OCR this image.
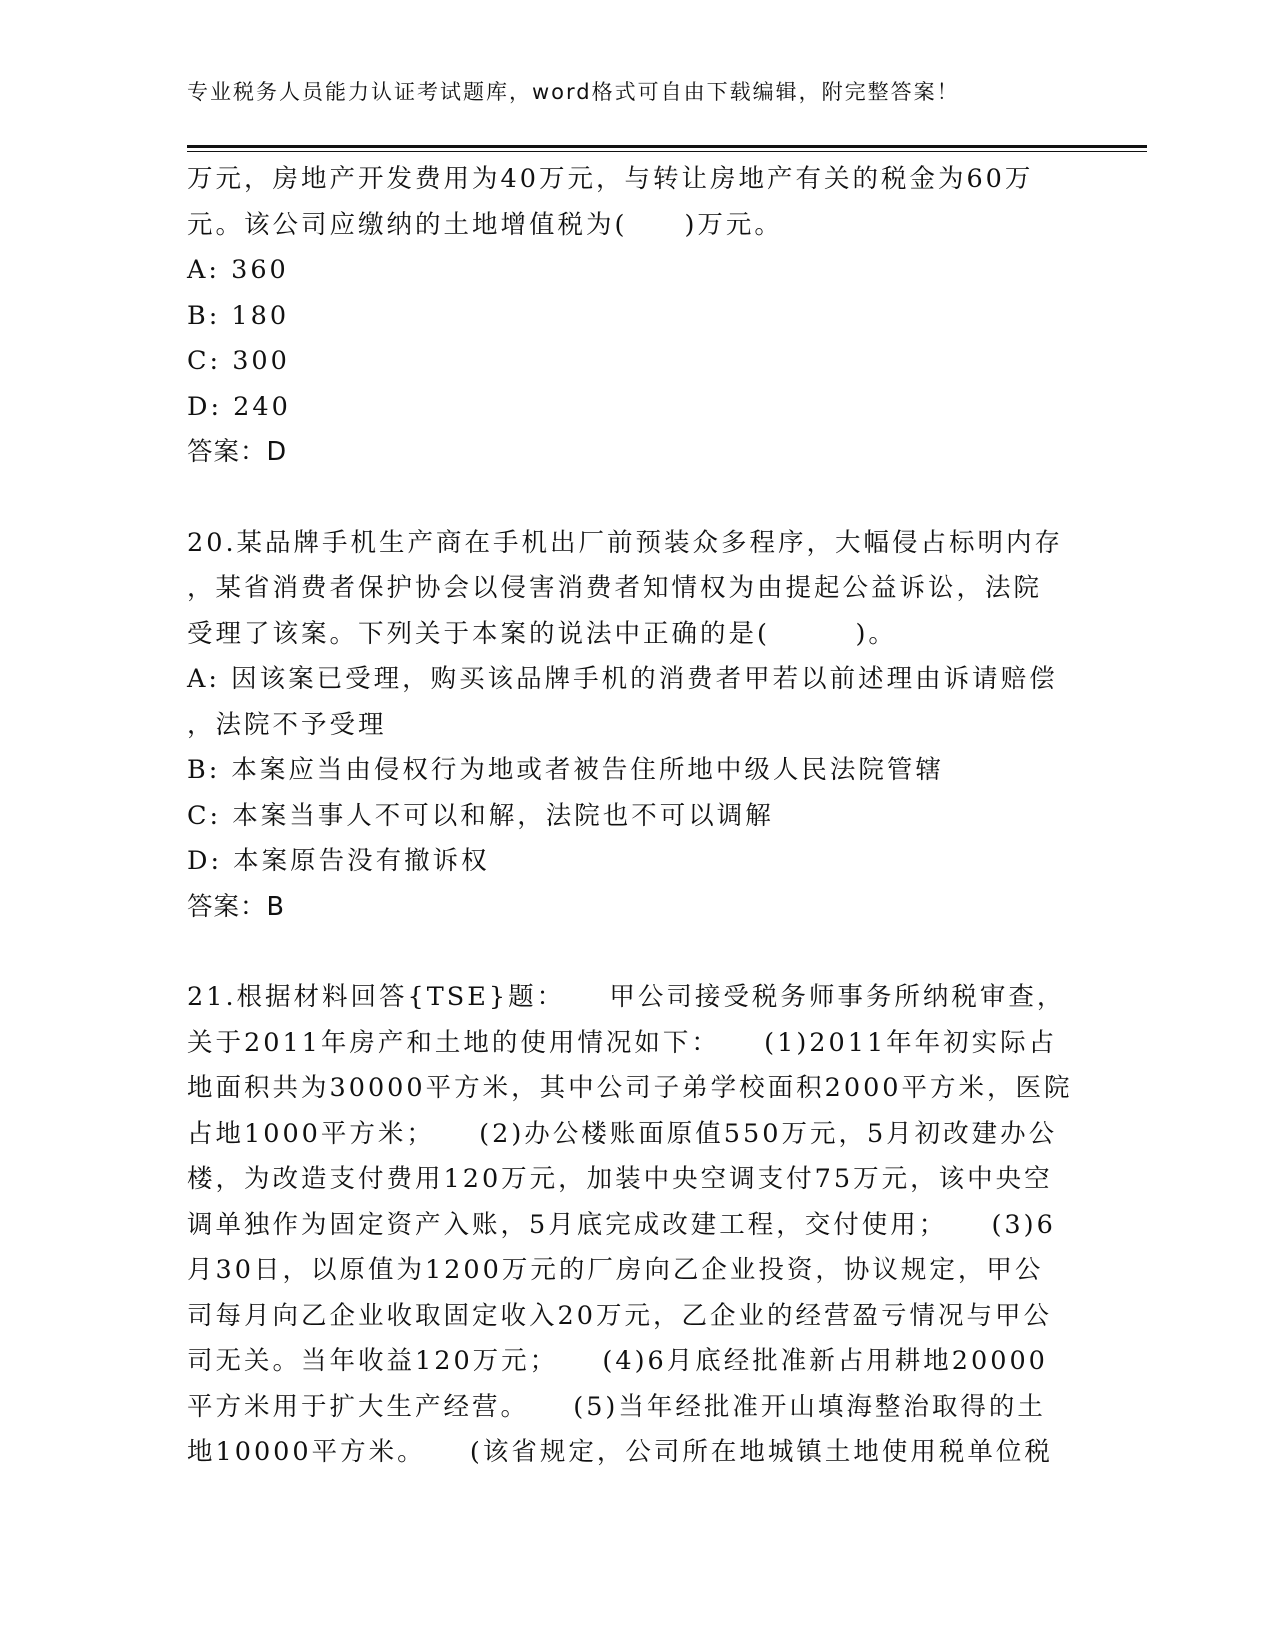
专业税务人员能力认证考试题库，word格式可自由下载编辑，附完整答案！
万元，房地产开发费用为40万元，与转让房地产有关的税金为60万
元。该公司应缴纳的土地增值税为(　　)万元。
A: 360
B: 180
C: 300
D: 240
答案：D
20.某品牌手机生产商在手机出厂前预装众多程序，大幅侵占标明内存
，某省消费者保护协会以侵害消费者知情权为由提起公益诉讼，法院
受理了该案。下列关于本案的说法中正确的是(　　　)。
A: 因该案已受理，购买该品牌手机的消费者甲若以前述理由诉请赔偿
，法院不予受理
B: 本案应当由侵权行为地或者被告住所地中级人民法院管辖
C: 本案当事人不可以和解，法院也不可以调解
D: 本案原告没有撤诉权
答案：B
21.根据材料回答{TSE}题：　　甲公司接受税务师事务所纳税审查，
关于2011年房产和土地的使用情况如下：　　(1)2011年年初实际占
地面积共为30000平方米，其中公司子弟学校面积2000平方米，医院
占地1000平方米；　　(2)办公楼账面原值550万元，5月初改建办公
楼，为改造支付费用120万元，加装中央空调支付75万元，该中央空
调单独作为固定资产入账，5月底完成改建工程，交付使用；　　(3)6
月30日，以原值为1200万元的厂房向乙企业投资，协议规定，甲公
司每月向乙企业收取固定收入20万元，乙企业的经营盈亏情况与甲公
司无关。当年收益120万元；　　(4)6月底经批准新占用耕地20000
平方米用于扩大生产经营。　　(5)当年经批准开山填海整治取得的土
地10000平方米。　　(该省规定，公司所在地城镇土地使用税单位税
